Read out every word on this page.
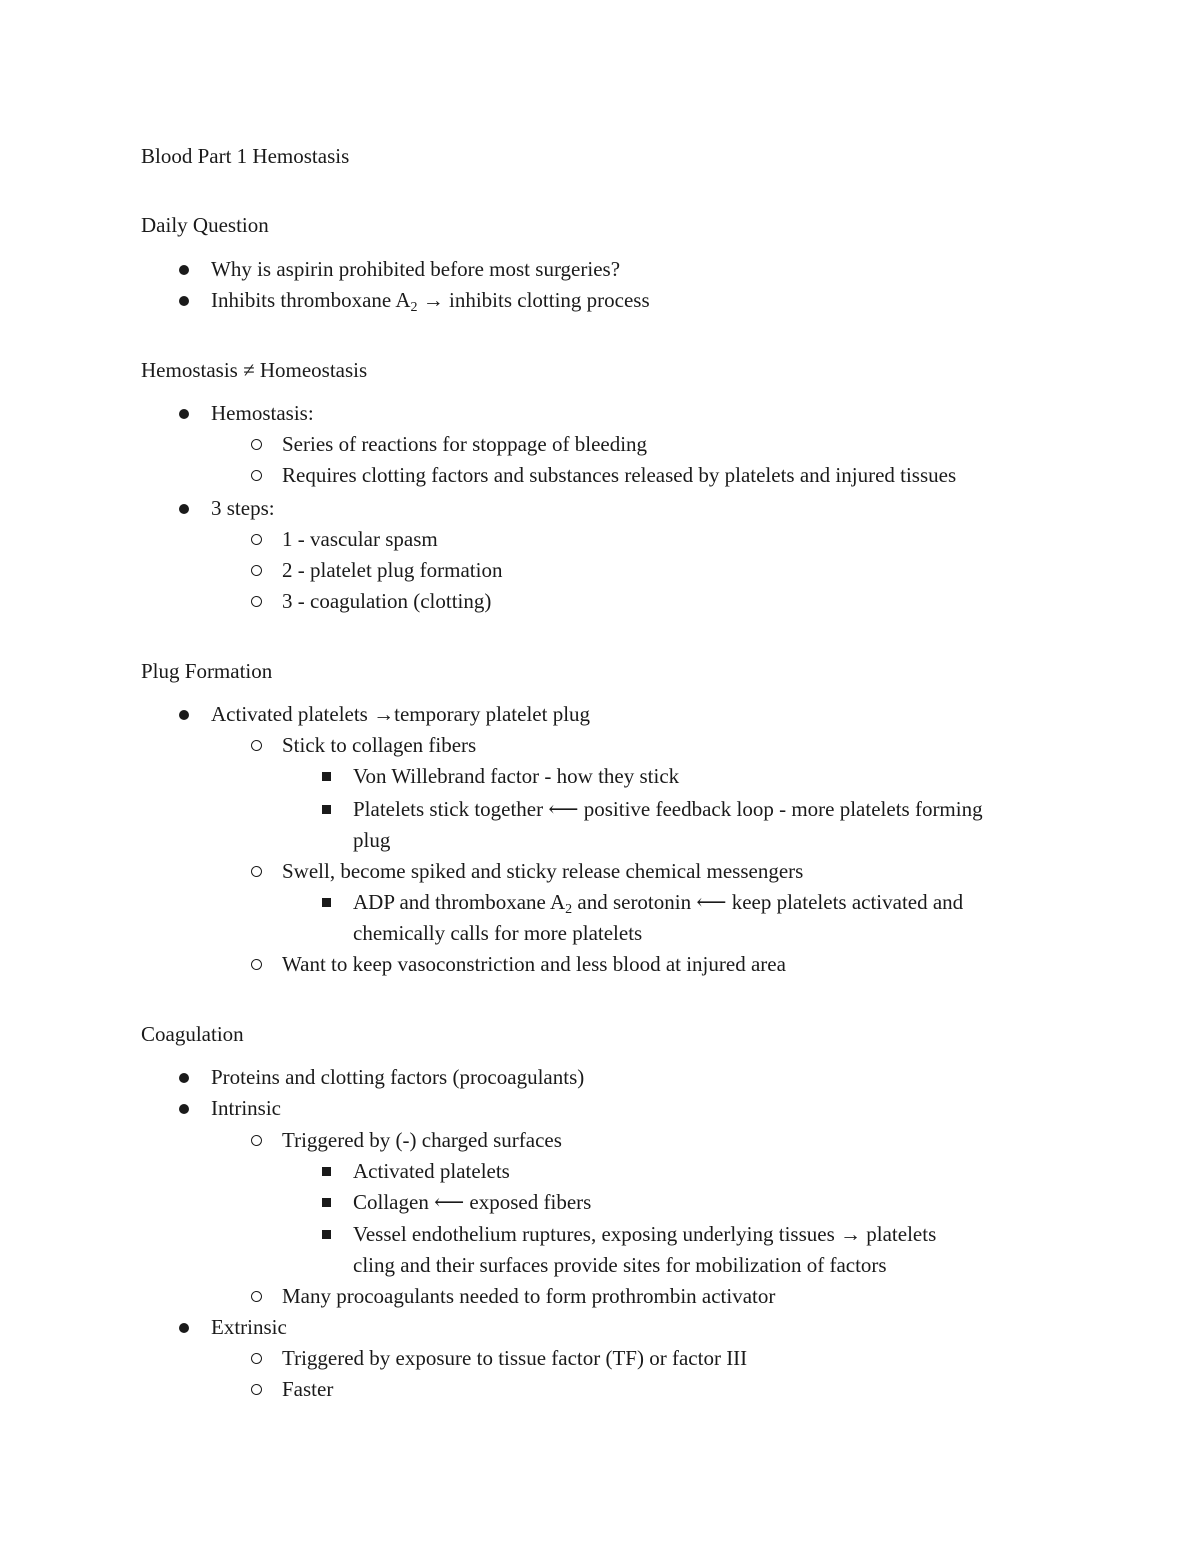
Blood Part 1 Hemostasis
Daily Question
Why is aspirin prohibited before most surgeries?
Inhibits thromboxane $A_2$ → inhibits clotting process
Hemostasis ≠ Homeostasis
Hemostasis:
Series of reactions for stoppage of bleeding
Requires clotting factors and substances released by platelets and injured tissues
3 steps:
1 - vascular spasm
2 - platelet plug formation
3 - coagulation (clotting)
Plug Formation
Activated platelets →temporary platelet plug
Stick to collagen fibers
Von Willebrand factor - how they stick
Platelets stick together ⟵ positive feedback loop - more platelets forming
plug
Swell, become spiked and sticky release chemical messengers
ADP and thromboxane $A_2$ and serotonin ⟵ keep platelets activated and
chemically calls for more platelets
Want to keep vasoconstriction and less blood at injured area
Coagulation
Proteins and clotting factors (procoagulants)
Intrinsic
Triggered by (-) charged surfaces
Activated platelets
Collagen ⟵ exposed fibers
Vessel endothelium ruptures, exposing underlying tissues → platelets
cling and their surfaces provide sites for mobilization of factors
Many procoagulants needed to form prothrombin activator
Extrinsic
Triggered by exposure to tissue factor (TF) or factor III
Faster
